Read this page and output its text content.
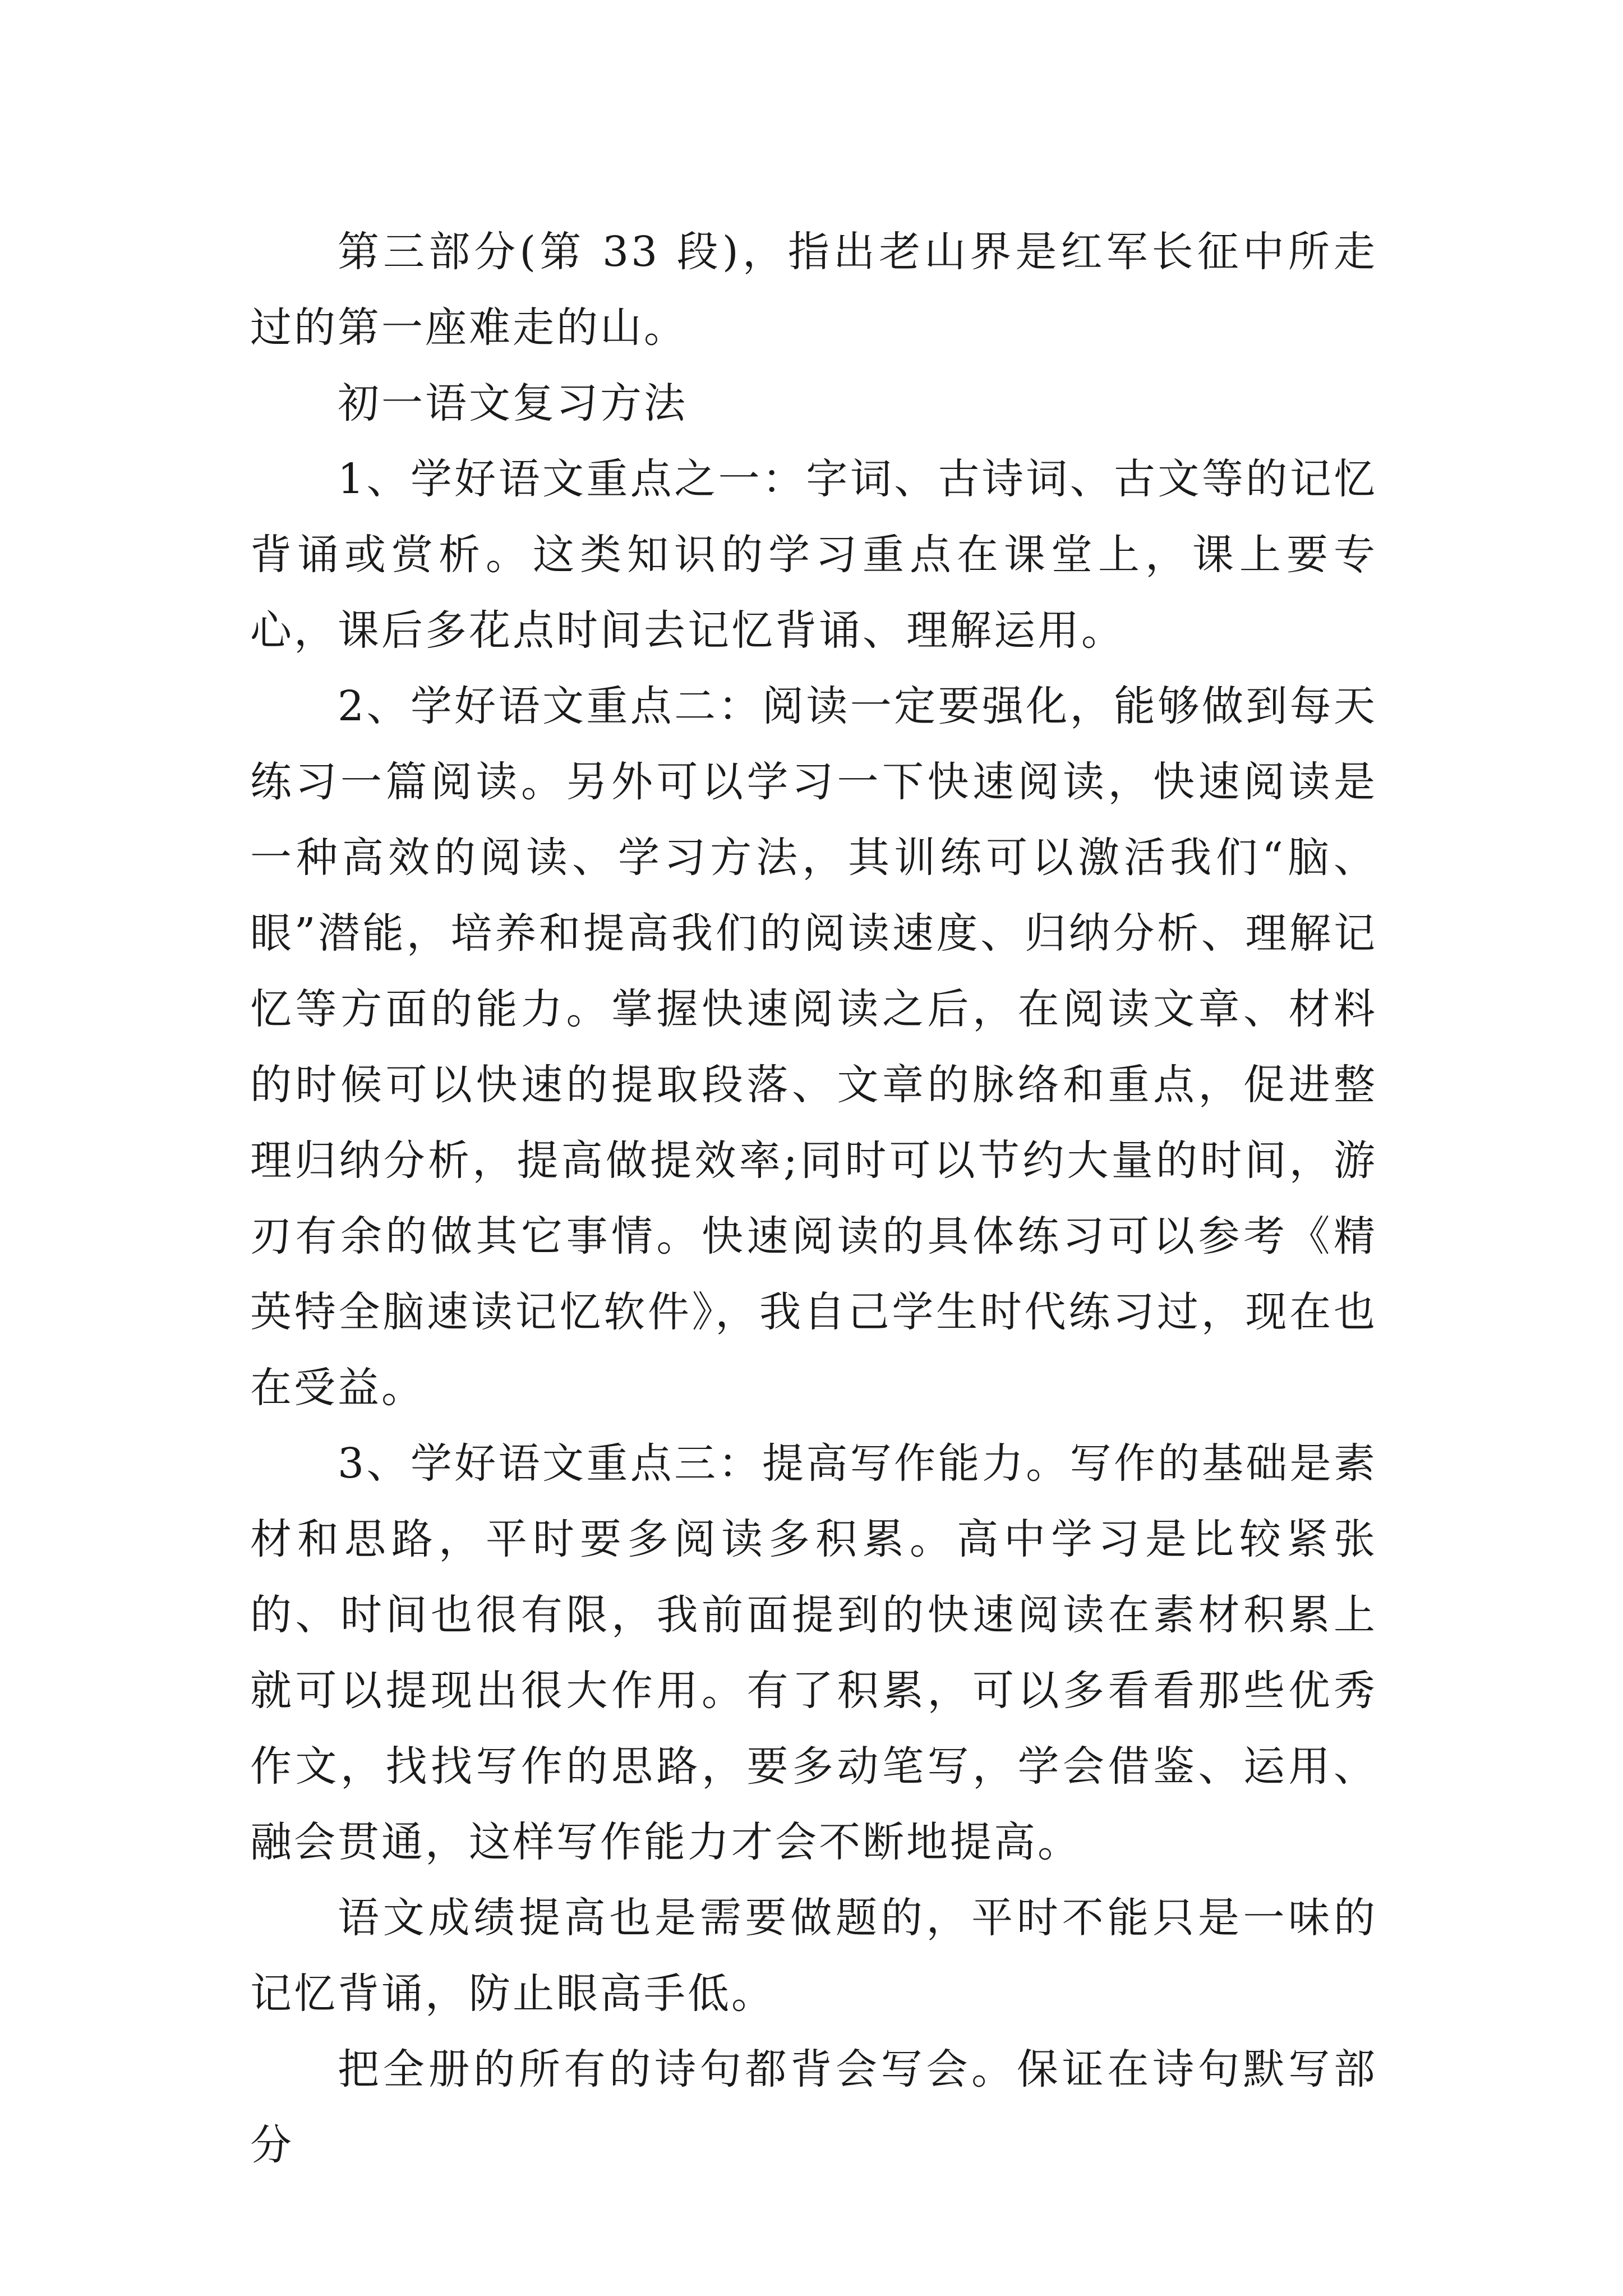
第三部分(第 33 段)，指出老山界是红军长征中所走过的第一座难走的山。

初一语文复习方法

1、学好语文重点之一：字词、古诗词、古文等的记忆背诵或赏析。这类知识的学习重点在课堂上，课上要专心，课后多花点时间去记忆背诵、理解运用。

2、学好语文重点二：阅读一定要强化，能够做到每天练习一篇阅读。另外可以学习一下快速阅读，快速阅读是一种高效的阅读、学习方法，其训练可以激活我们“脑、眼”潜能，培养和提高我们的阅读速度、归纳分析、理解记忆等方面的能力。掌握快速阅读之后，在阅读文章、材料的时候可以快速的提取段落、文章的脉络和重点，促进整理归纳分析，提高做提效率;同时可以节约大量的时间，游刃有余的做其它事情。快速阅读的具体练习可以参考《精英特全脑速读记忆软件》，我自己学生时代练习过，现在也在受益。

3、学好语文重点三：提高写作能力。写作的基础是素材和思路，平时要多阅读多积累。高中学习是比较紧张的、时间也很有限，我前面提到的快速阅读在素材积累上就可以提现出很大作用。有了积累，可以多看看那些优秀作文，找找写作的思路，要多动笔写，学会借鉴、运用、融会贯通，这样写作能力才会不断地提高。

语文成绩提高也是需要做题的，平时不能只是一味的记忆背诵，防止眼高手低。

把全册的所有的诗句都背会写会。保证在诗句默写部分
